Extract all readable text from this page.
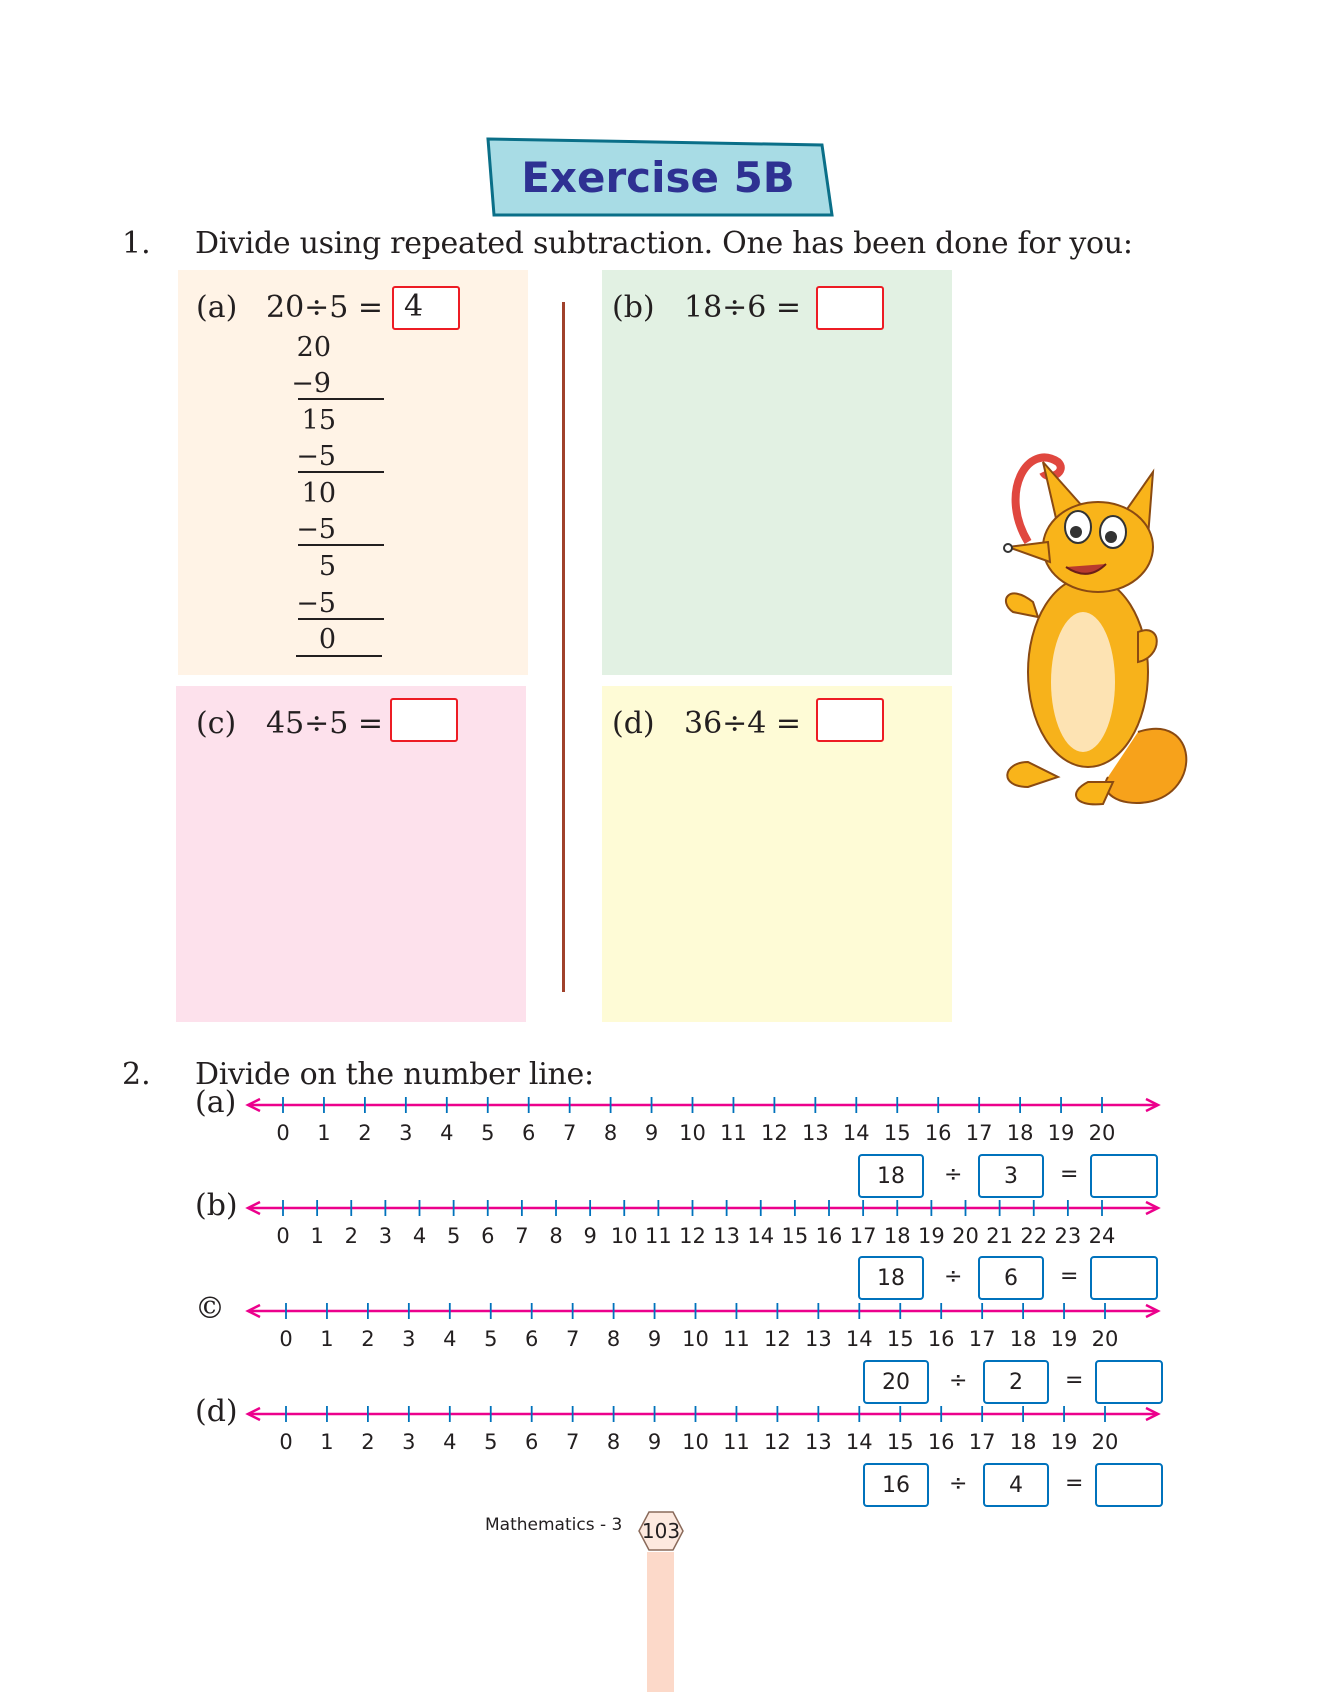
Exercise 5B
1. Divide using repeated subtraction. One has been done for you:
(a) 20÷5 = 4
20
−9
15
−5
10
−5
5
−5
0
(b) 18÷6 =
(c) 45÷5 =	(d) 36÷4 =
2. Divide on the number line:
(a)
0 1 2 3 4 5 6 7 8 9 10 11 12 13 14 15 16 17 18 19 20
18	÷	3	=
(b)
0 1 2 3 4 5 6 7 8 9 10 11 12 13 14 15 16 17 18 19 20 21 22 23 24
18	÷	6	=
©
0 1 2 3 4 5 6 7 8 9 10 11 12 13 14 15 16 17 18 19 20
20	÷	2	=
(d)
0 1 2 3 4 5 6 7 8 9 10 11 12 13 14 15 16 17 18 19 20
16	÷	4	=
Mathematics - 3 103
